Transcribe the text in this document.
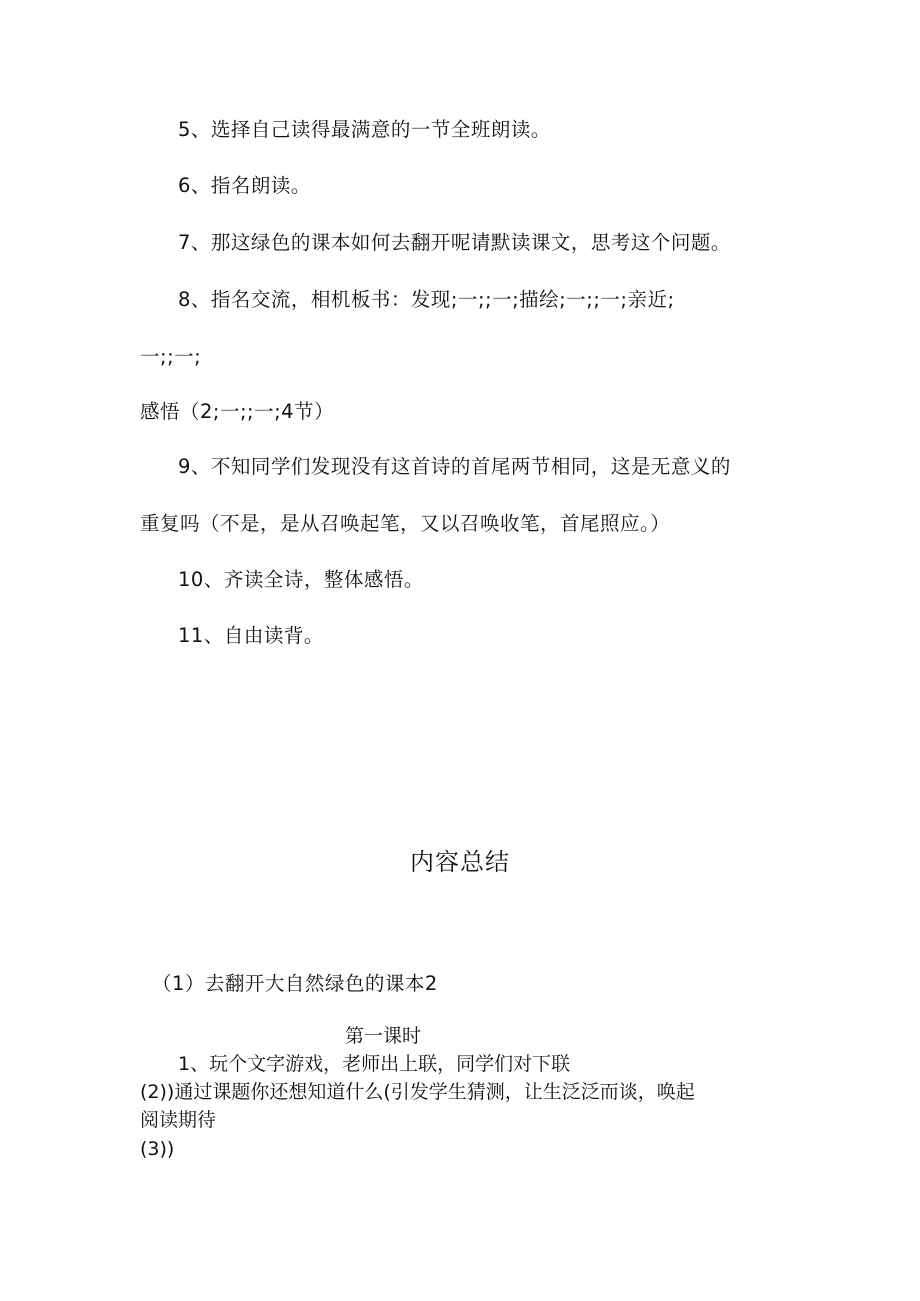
5、选择自己读得最满意的一节全班朗读。
6、指名朗读。
7、那这绿色的课本如何去翻开呢请默读课文，思考这个问题。
8、指名交流，相机板书：发现;一;;一;描绘;一;;一;亲近;
一;;一;
感悟（2;一;;一;4节）
9、不知同学们发现没有这首诗的首尾两节相同，这是无意义的
重复吗（不是，是从召唤起笔，又以召唤收笔，首尾照应。）
10、齐读全诗，整体感悟。
11、自由读背。
内容总结
（1）去翻开大自然绿色的课本2
第一课时
1、玩个文字游戏，老师出上联，同学们对下联
(2))通过课题你还想知道什么(引发学生猜测，让生泛泛而谈，唤起
阅读期待
(3))
